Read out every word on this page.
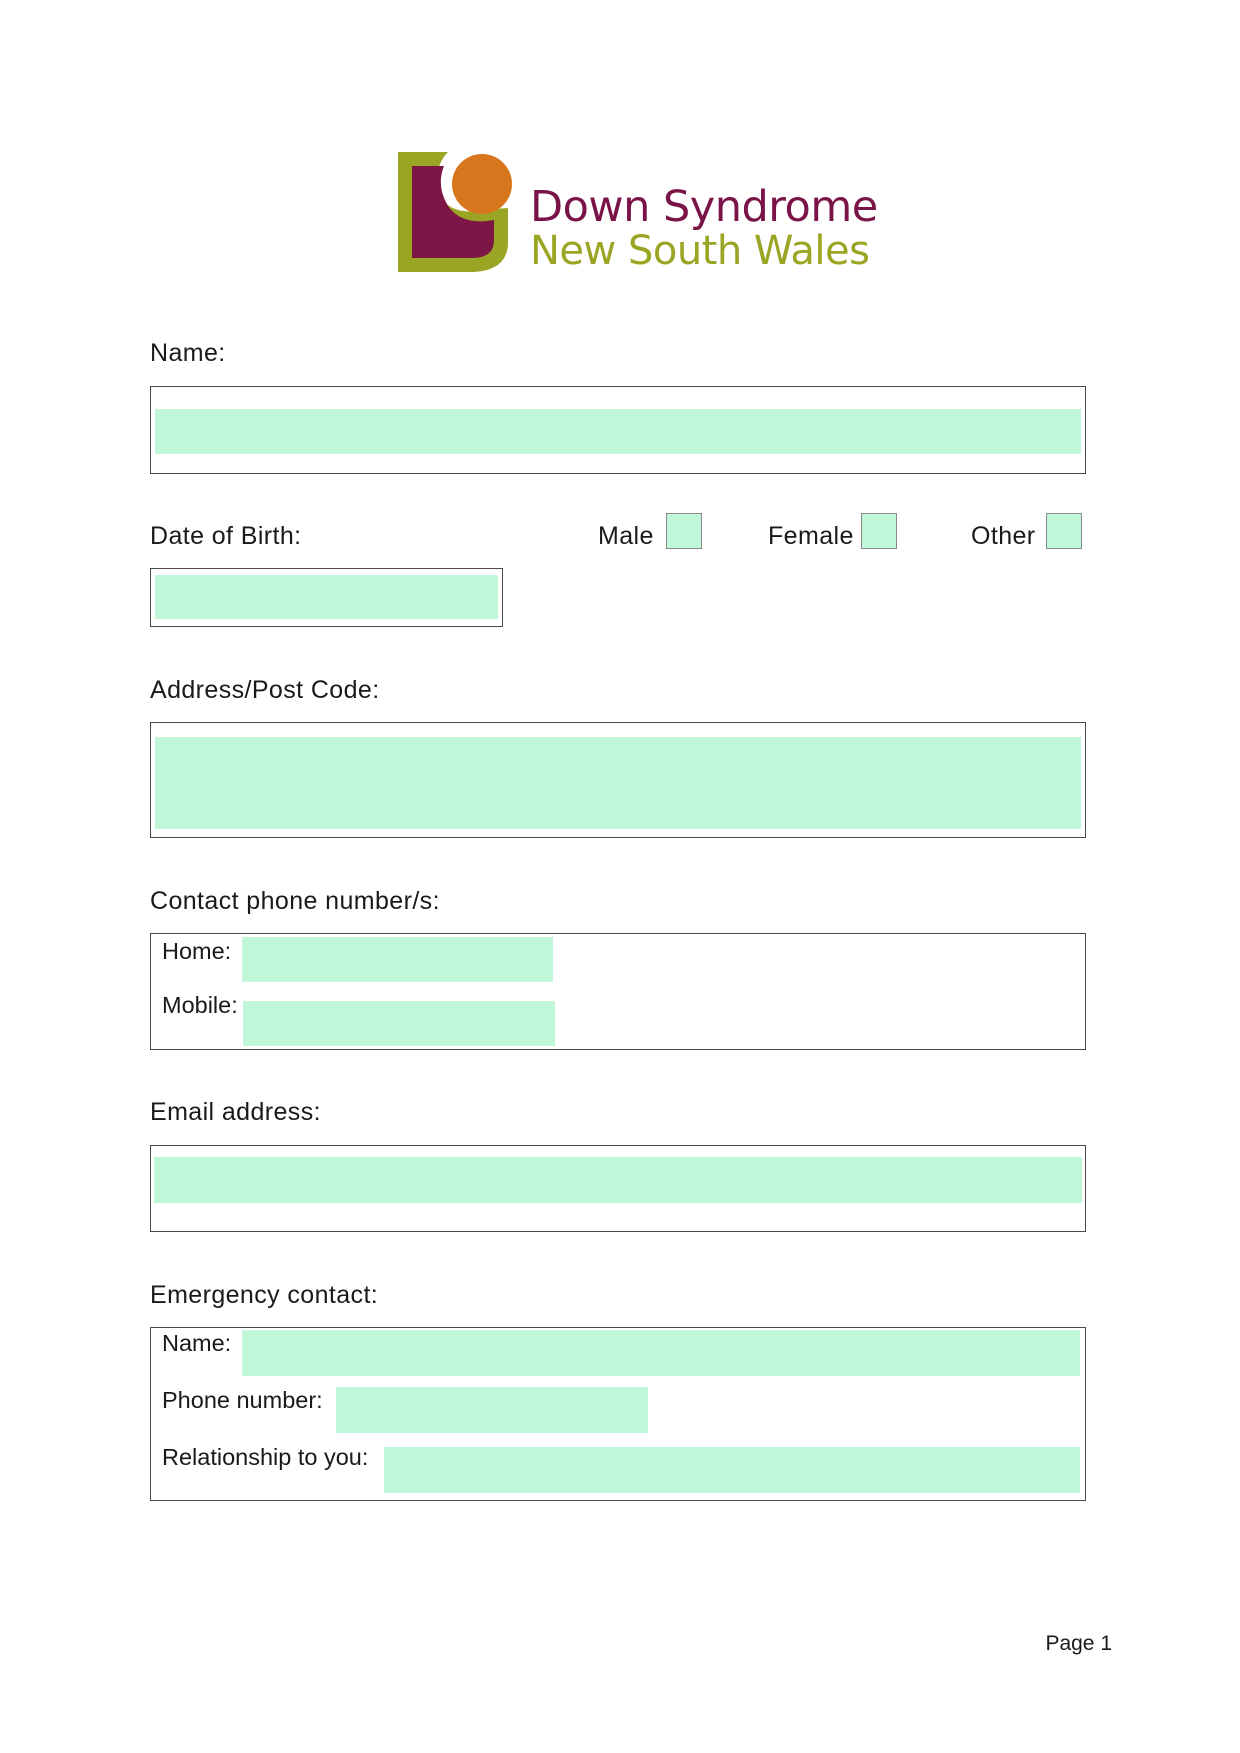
Down Syndrome
New South Wales
Name:
Date of Birth:	Male	Female	Other
Address/Post Code:
Contact phone number/s:
Home:
Mobile:
Email address:
Emergency contact:
Name:
Phone number:
Relationship to you:
Page 1
